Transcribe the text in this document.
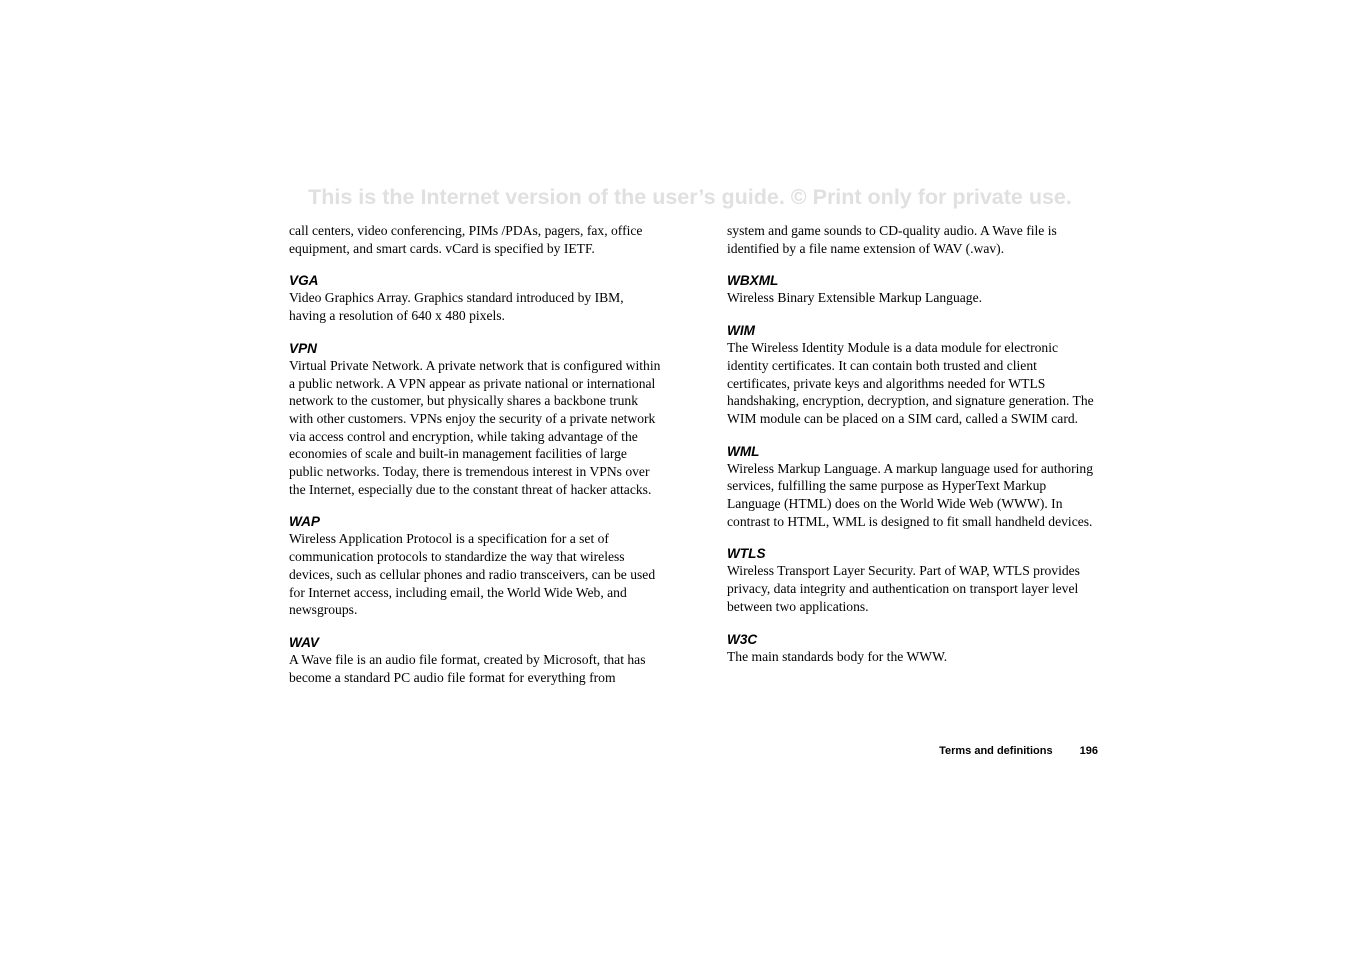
This is the Internet version of the user’s guide. © Print only for private use.

call centers, video conferencing, PIMs /PDAs, pagers, fax, office equipment, and smart cards. vCard is specified by IETF.

VGA

Video Graphics Array. Graphics standard introduced by IBM, having a resolution of 640 x 480 pixels.

VPN

Virtual Private Network. A private network that is configured within a public network. A VPN appear as private national or international network to the customer, but physically shares a backbone trunk with other customers. VPNs enjoy the security of a private network via access control and encryption, while taking advantage of the economies of scale and built-in management facilities of large public networks. Today, there is tremendous interest in VPNs over the Internet, especially due to the constant threat of hacker attacks.

WAP

Wireless Application Protocol is a specification for a set of communication protocols to standardize the way that wireless devices, such as cellular phones and radio transceivers, can be used for Internet access, including email, the World Wide Web, and newsgroups.

WAV

A Wave file is an audio file format, created by Microsoft, that has become a standard PC audio file format for everything from

system and game sounds to CD-quality audio. A Wave file is identified by a file name extension of WAV (.wav).

WBXML

Wireless Binary Extensible Markup Language.

WIM

The Wireless Identity Module is a data module for electronic identity certificates. It can contain both trusted and client certificates, private keys and algorithms needed for WTLS handshaking, encryption, decryption, and signature generation. The WIM module can be placed on a SIM card, called a SWIM card.

WML

Wireless Markup Language. A markup language used for authoring services, fulfilling the same purpose as HyperText Markup Language (HTML) does on the World Wide Web (WWW). In contrast to HTML, WML is designed to fit small handheld devices.

WTLS

Wireless Transport Layer Security. Part of WAP, WTLS provides privacy, data integrity and authentication on transport layer level between two applications.

W3C

The main standards body for the WWW.

Terms and definitions 196
